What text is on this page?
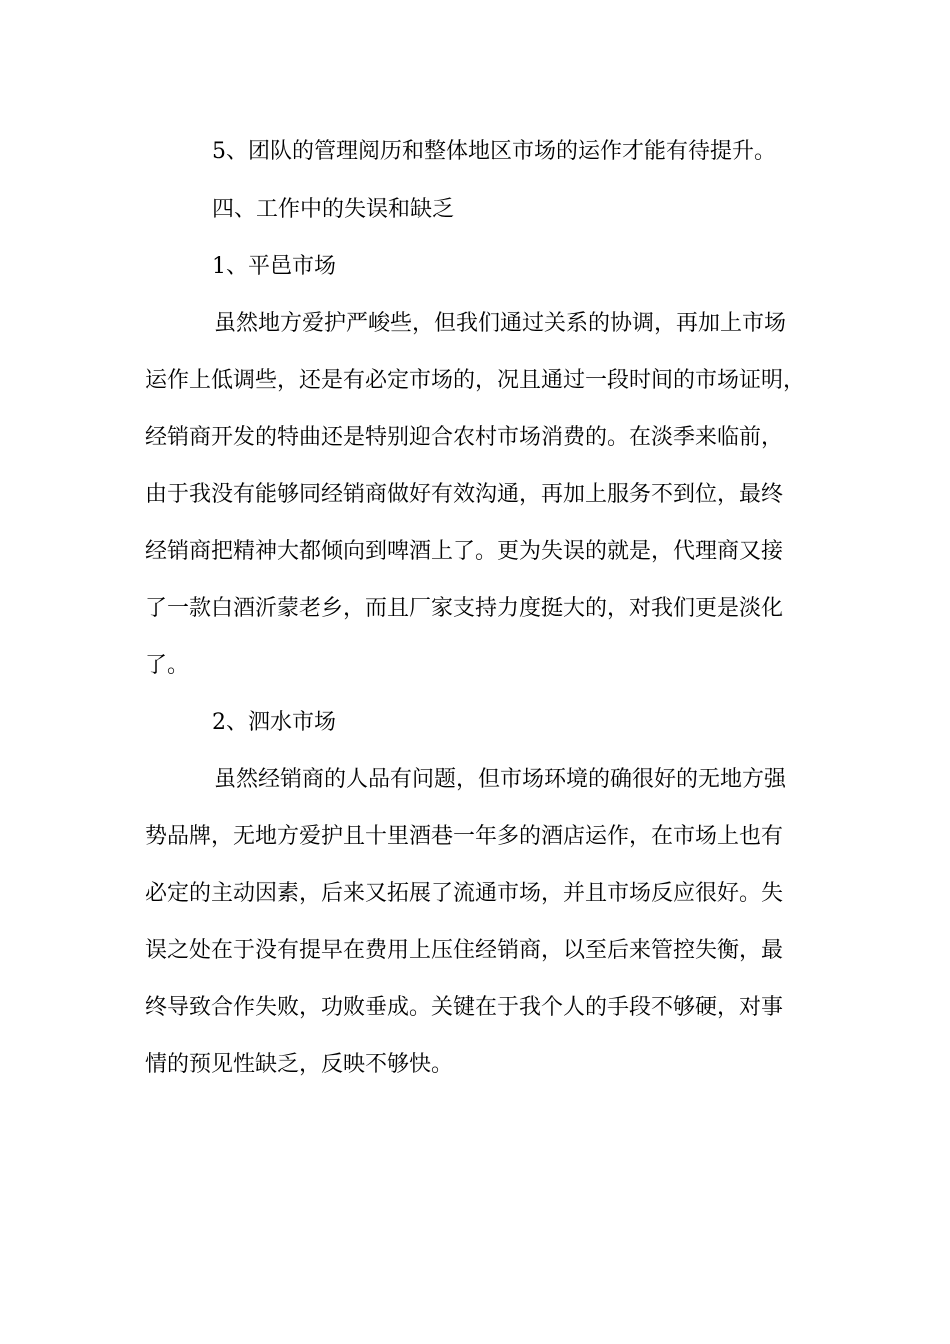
5、团队的管理阅历和整体地区市场的运作才能有待提升。
四、工作中的失误和缺乏
1、平邑市场
虽然地方爱护严峻些，但我们通过关系的协调，再加上市场
运作上低调些，还是有必定市场的，况且通过一段时间的市场证明，
经销商开发的特曲还是特别迎合农村市场消费的。在淡季来临前，
由于我没有能够同经销商做好有效沟通，再加上服务不到位，最终
经销商把精神大都倾向到啤酒上了。更为失误的就是，代理商又接
了一款白酒沂蒙老乡，而且厂家支持力度挺大的，对我们更是淡化
了。
2、泗水市场
虽然经销商的人品有问题，但市场环境的确很好的无地方强
势品牌，无地方爱护且十里酒巷一年多的酒店运作，在市场上也有
必定的主动因素，后来又拓展了流通市场，并且市场反应很好。失
误之处在于没有提早在费用上压住经销商，以至后来管控失衡，最
终导致合作失败，功败垂成。关键在于我个人的手段不够硬，对事
情的预见性缺乏，反映不够快。
